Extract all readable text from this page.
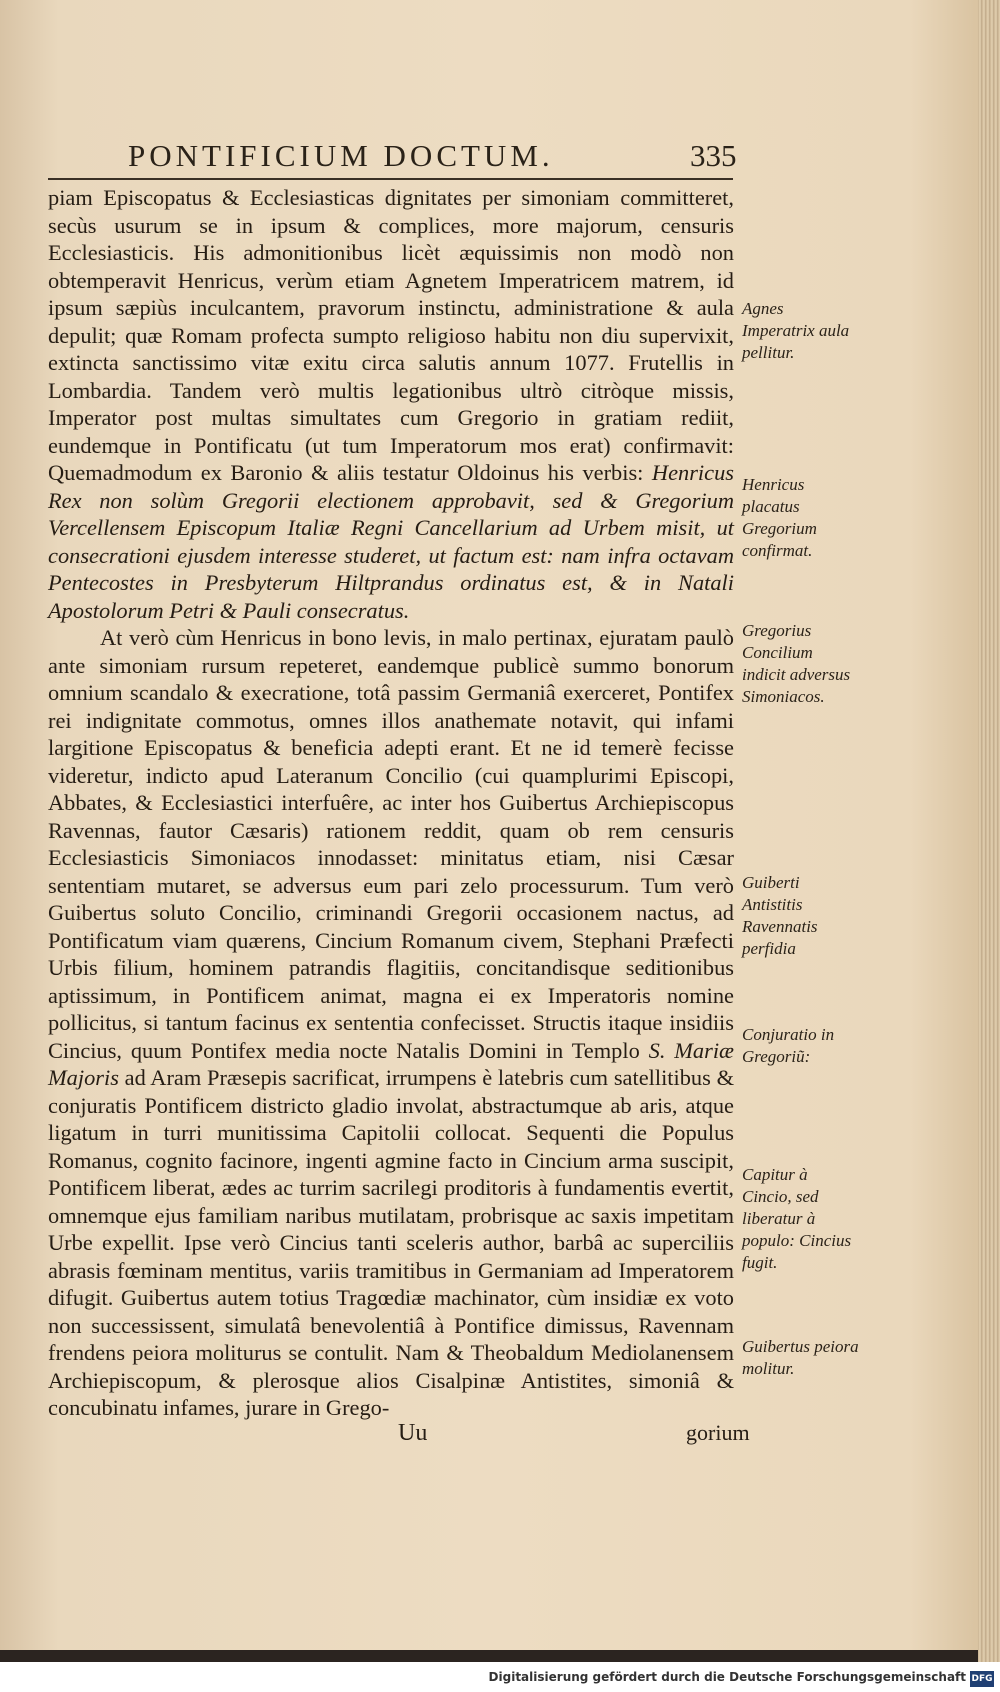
PONTIFICIUM DOCTUM.	335

piam Episcopatus & Ecclesiasticas dignitates per simoniam committeret, secùs usurum se in ipsum & complices, more majorum, censuris Ecclesiasticis. His admonitionibus licèt æquissimis non modò non obtemperavit Henricus, verùm etiam Agnetem Imperatricem matrem, id ipsum sæpiùs inculcantem, pravorum instinctu, administratione & aula depulit; quæ Romam profecta sumpto religioso habitu non diu supervixit, extincta sanctissimo vitæ exitu circa salutis annum 1077. Frutellis in Lombardia. Tandem verò multis legationibus ultrò citròque missis, Imperator post multas simultates cum Gregorio in gratiam rediit, eundemque in Pontificatu (ut tum Imperatorum mos erat) confirmavit: Quemadmodum ex Baronio & aliis testatur Oldoinus his verbis: Henricus Rex non solùm Gregorii electionem approbavit, sed & Gregorium Vercellensem Episcopum Italiæ Regni Cancellarium ad Urbem misit, ut consecrationi ejusdem interesse studeret, ut factum est: nam infra octavam Pentecostes in Presbyterum Hiltprandus ordinatus est, & in Natali Apostolorum Petri & Pauli consecratus.

At verò cùm Henricus in bono levis, in malo pertinax, ejuratam paulò ante simoniam rursum repeteret, eandemque publicè summo bonorum omnium scandalo & execratione, totâ passim Germaniâ exerceret, Pontifex rei indignitate commotus, omnes illos anathemate notavit, qui infami largitione Episcopatus & beneficia adepti erant. Et ne id temerè fecisse videretur, indicto apud Lateranum Concilio (cui quamplurimi Episcopi, Abbates, & Ecclesiastici interfuêre, ac inter hos Guibertus Archiepiscopus Ravennas, fautor Cæsaris) rationem reddit, quam ob rem censuris Ecclesiasticis Simoniacos innodasset: minitatus etiam, nisi Cæsar sententiam mutaret, se adversus eum pari zelo processurum. Tum verò Guibertus soluto Concilio, criminandi Gregorii occasionem nactus, ad Pontificatum viam quærens, Cincium Romanum civem, Stephani Præfecti Urbis filium, hominem patrandis flagitiis, concitandisque seditionibus aptissimum, in Pontificem animat, magna ei ex Imperatoris nomine pollicitus, si tantum facinus ex sententia confecisset. Structis itaque insidiis Cincius, quum Pontifex media nocte Natalis Domini in Templo S. Mariæ Majoris ad Aram Præsepis sacrificat, irrumpens è latebris cum satellitibus & conjuratis Pontificem districto gladio involat, abstractumque ab aris, atque ligatum in turri munitissima Capitolii collocat. Sequenti die Populus Romanus, cognito facinore, ingenti agmine facto in Cincium arma suscipit, Pontificem liberat, ædes ac turrim sacrilegi proditoris à fundamentis evertit, omnemque ejus familiam naribus mutilatam, probrisque ac saxis impetitam Urbe expellit. Ipse verò Cincius tanti sceleris author, barbâ ac superciliis abrasis fœminam mentitus, variis tramitibus in Germaniam ad Imperatorem difugit. Guibertus autem totius Tragœdiæ machinator, cùm insidiæ ex voto non successissent, simulatâ benevolentiâ à Pontifice dimissus, Ravennam frendens peiora moliturus se contulit. Nam & Theobaldum Mediolanensem Archiepiscopum, & plerosque alios Cisalpinæ Antistites, simoniâ & concubinatu infames, jurare in Grego-

Uu	gorium
Agnes Imperatrix aula pellitur.
Henricus placatus Gregorium confirmat.
Gregorius Concilium indicit adversus Simoniacos.
Guiberti Antistitis Ravennatis perfidia
Conjuratio in Gregoriũ:
Capitur à Cincio, sed liberatur à populo: Cincius fugit.
Guibertus peiora molitur.
Digitalisierung gefördert durch die Deutsche Forschungsgemeinschaft DFG
